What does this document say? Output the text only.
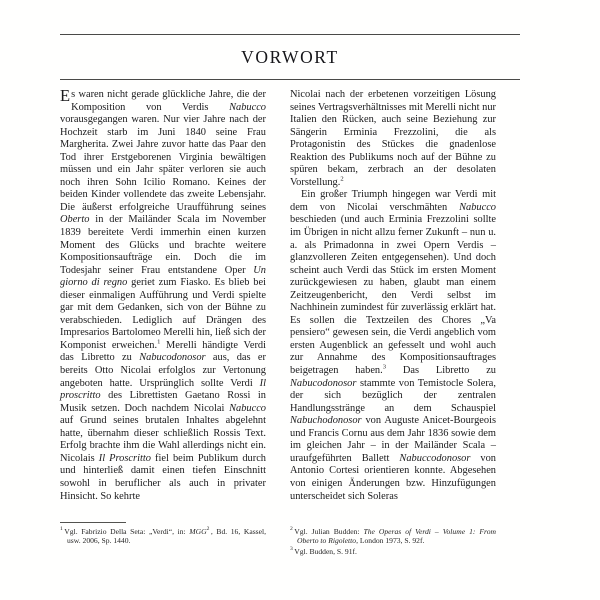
VORWORT

Es waren nicht gerade glückliche Jahre, die der Komposition von Verdis Nabucco vorausgegangen waren. Nur vier Jahre nach der Hochzeit starb im Juni 1840 seine Frau Margherita. Zwei Jahre zuvor hatte das Paar den Tod ihrer Erstgeborenen Virginia bewältigen müssen und ein Jahr später verloren sie auch noch ihren Sohn Icilio Romano. Keines der beiden Kinder vollendete das zweite Lebensjahr. Die äußerst erfolgreiche Uraufführung seines Oberto in der Mailänder Scala im November 1839 bereitete Verdi immerhin einen kurzen Moment des Glücks und brachte weitere Kompositionsaufträge ein. Doch die im Todesjahr seiner Frau entstandene Oper Un giorno di regno geriet zum Fiasko. Es blieb bei dieser einmaligen Aufführung und Verdi spielte gar mit dem Gedanken, sich von der Bühne zu verabschieden. Lediglich auf Drängen des Impresarios Bartolomeo Merelli hin, ließ sich der Komponist erweichen.$^1$ Merelli händigte Verdi das Libretto zu Nabucodonosor aus, das er bereits Otto Nicolai erfolglos zur Vertonung angeboten hatte. Ursprünglich sollte Verdi Il proscritto des Librettisten Gaetano Rossi in Musik setzen. Doch nachdem Nicolai Nabucco auf Grund seines brutalen Inhaltes abgelehnt hatte, übernahm dieser schließlich Rossis Text. Erfolg brachte ihm die Wahl allerdings nicht ein. Nicolais Il Proscritto fiel beim Publikum durch und hinterließ damit einen tiefen Einschnitt sowohl in beruflicher als auch in privater Hinsicht. So kehrte

Nicolai nach der erbetenen vorzeitigen Lösung seines Vertragsverhältnisses mit Merelli nicht nur Italien den Rücken, auch seine Beziehung zur Sängerin Erminia Frezzolini, die als Protagonistin des Stückes die gnadenlose Reaktion des Publikums noch auf der Bühne zu spüren bekam, zerbrach an der desolaten Vorstellung.$^2$

Ein großer Triumph hingegen war Verdi mit dem von Nicolai verschmähten Nabucco beschieden (und auch Erminia Frezzolini sollte im Übrigen in nicht allzu ferner Zukunft – nun u. a. als Primadonna in zwei Opern Verdis – glanzvolleren Zeiten entgegensehen). Und doch scheint auch Verdi das Stück im ersten Moment zurückgewiesen zu haben, glaubt man einem Zeitzeugenbericht, den Verdi selbst im Nachhinein zumindest für zuverlässig erklärt hat. Es sollen die Textzeilen des Chores „Va pensiero“ gewesen sein, die Verdi angeblich vom ersten Augenblick an gefesselt und wohl auch zur Annahme des Kompositionsauftrages beigetragen haben.$^3$ Das Libretto zu Nabucodonosor stammte von Temistocle Solera, der sich bezüglich der zentralen Handlungsstränge an dem Schauspiel Nabuchodonosor von Auguste Anicet-Bourgeois und Francis Cornu aus dem Jahr 1836 sowie dem im gleichen Jahr – in der Mailänder Scala – uraufgeführten Ballett Nabuccodonosor von Antonio Cortesi orientieren konnte. Abgesehen von einigen Änderungen bzw. Hinzufügungen unterscheidet sich Soleras

$^1$ Vgl. Fabrizio Della Seta: „Verdi“, in: MGG$^2$ , Bd. 16, Kassel, usw. 2006, Sp. 1440.

$^2$ Vgl. Julian Budden: The Operas of Verdi – Volume 1: From Oberto to Rigoletto, London 1973, S. 92f.

$^3$ Vgl. Budden, S. 91f.
